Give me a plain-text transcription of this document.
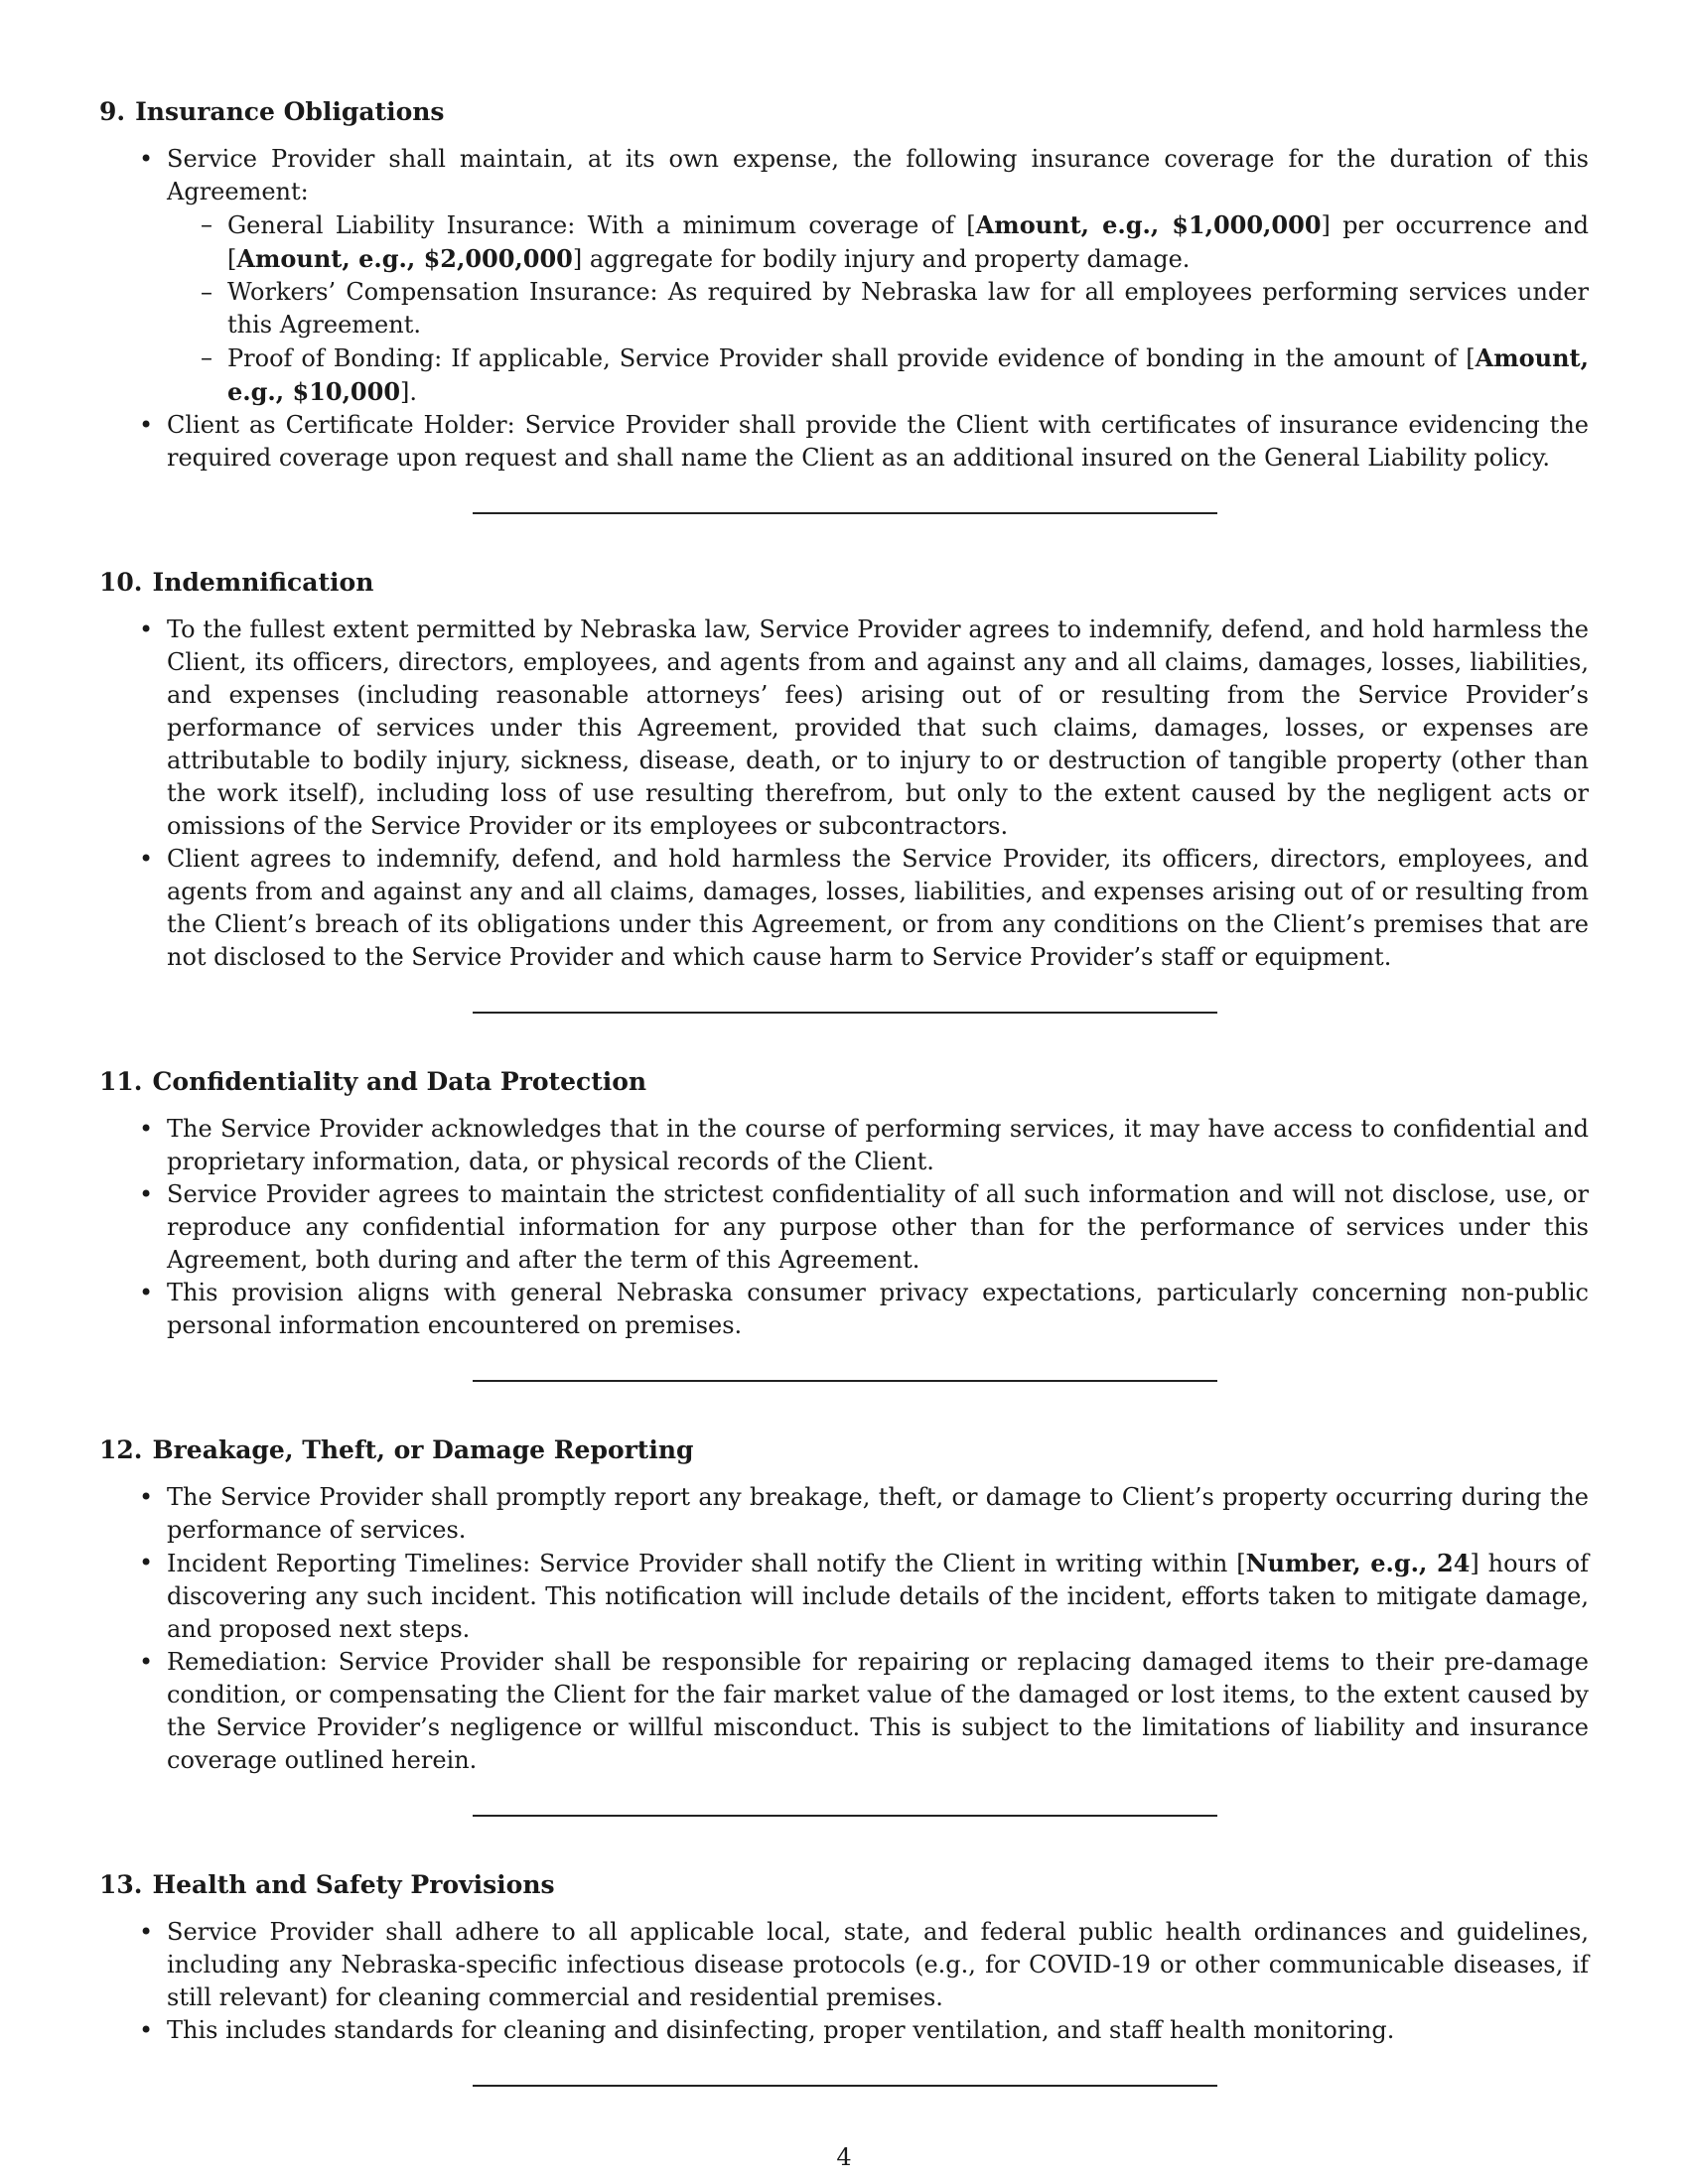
9. Insurance Obligations
• Service Provider shall maintain, at its own expense, the following insurance coverage for the duration of this Agreement:
– General Liability Insurance: With a minimum coverage of [Amount, e.g., $1,000,000] per occurrence and [Amount, e.g., $2,000,000] aggregate for bodily injury and property damage.
– Workers’ Compensation Insurance: As required by Nebraska law for all employees performing services under this Agreement.
– Proof of Bonding: If applicable, Service Provider shall provide evidence of bonding in the amount of [Amount, e.g., $10,000].
• Client as Certificate Holder: Service Provider shall provide the Client with certificates of insurance evidencing the required coverage upon request and shall name the Client as an additional insured on the General Liability policy.
10. Indemnification
• To the fullest extent permitted by Nebraska law, Service Provider agrees to indemnify, defend, and hold harmless the Client, its officers, directors, employees, and agents from and against any and all claims, damages, losses, liabilities, and expenses (including reasonable attorneys’ fees) arising out of or resulting from the Service Provider’s performance of services under this Agreement, provided that such claims, damages, losses, or expenses are attributable to bodily injury, sickness, disease, death, or to injury to or destruction of tangible property (other than the work itself), including loss of use resulting therefrom, but only to the extent caused by the negligent acts or omissions of the Service Provider or its employees or subcontractors.
• Client agrees to indemnify, defend, and hold harmless the Service Provider, its officers, directors, employees, and agents from and against any and all claims, damages, losses, liabilities, and expenses arising out of or resulting from the Client’s breach of its obligations under this Agreement, or from any conditions on the Client’s premises that are not disclosed to the Service Provider and which cause harm to Service Provider’s staff or equipment.
11. Confidentiality and Data Protection
• The Service Provider acknowledges that in the course of performing services, it may have access to confidential and proprietary information, data, or physical records of the Client.
• Service Provider agrees to maintain the strictest confidentiality of all such information and will not disclose, use, or reproduce any confidential information for any purpose other than for the performance of services under this Agreement, both during and after the term of this Agreement.
• This provision aligns with general Nebraska consumer privacy expectations, particularly concerning non-public personal information encountered on premises.
12. Breakage, Theft, or Damage Reporting
• The Service Provider shall promptly report any breakage, theft, or damage to Client’s property occurring during the performance of services.
• Incident Reporting Timelines: Service Provider shall notify the Client in writing within [Number, e.g., 24] hours of discovering any such incident. This notification will include details of the incident, efforts taken to mitigate damage, and proposed next steps.
• Remediation: Service Provider shall be responsible for repairing or replacing damaged items to their pre-damage condition, or compensating the Client for the fair market value of the damaged or lost items, to the extent caused by the Service Provider’s negligence or willful misconduct. This is subject to the limitations of liability and insurance coverage outlined herein.
13. Health and Safety Provisions
• Service Provider shall adhere to all applicable local, state, and federal public health ordinances and guidelines, including any Nebraska-specific infectious disease protocols (e.g., for COVID-19 or other communicable diseases, if still relevant) for cleaning commercial and residential premises.
• This includes standards for cleaning and disinfecting, proper ventilation, and staff health monitoring.
4
